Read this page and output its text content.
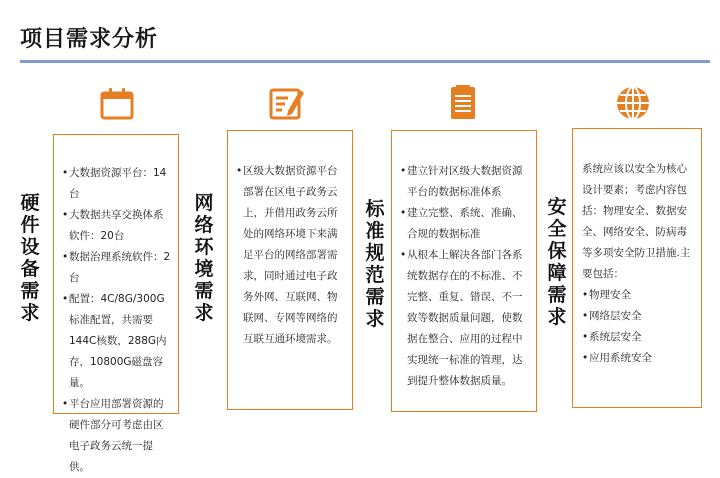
项目需求分析
硬件设备需求
网络环境需求
标准规范需求
安全保障需求
• 大数据资源平台：14台
• 大数据共享交换体系软件：20台
• 数据治理系统软件：2台
• 配置：4C/8G/300G标准配置，共需要144C核数，288G内存，10800G磁盘容量。
• 平台应用部署资源的硬件部分可考虑由区电子政务云统一提供。
• 区级大数据资源平台部署在区电子政务云上，并借用政务云所处的网络环境下来满足平台的网络部署需求，同时通过电子政务外网、互联网、物联网、专网等网络的互联互通环境需求。
• 建立针对区级大数据资源平台的数据标准体系
• 建立完整、系统、准确、合规的数据标准
• 从根本上解决各部门各系统数据存在的不标准、不完整、重复、错误、不一致等数据质量问题，使数据在整合、应用的过程中实现统一标准的管理，达到提升整体数据质量。

系统应该以安全为核心设计要素；考虑内容包括：物理安全、数据安全、网络安全、防病毒等多项安全防卫措施.主要包括：

• 物理安全
• 网络层安全
• 系统层安全
• 应用系统安全
